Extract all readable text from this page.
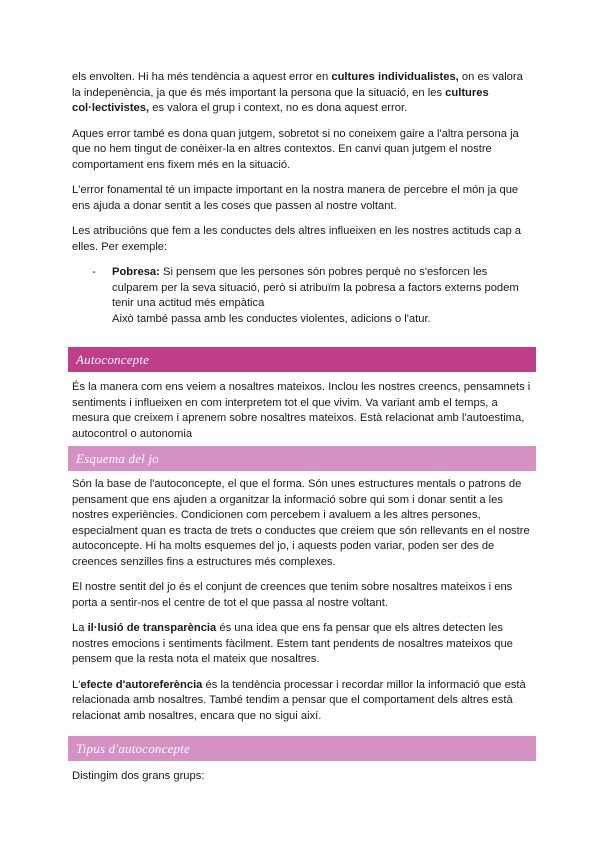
els envolten. Hi ha més tendència a aquest error en cultures individualistes, on es valora la indepenència, ja que és més important la persona que la situació, en les cultures col·lectivistes, es valora el grup i context, no es dona aquest error.

Aques error també es dona quan jutgem, sobretot si no coneixem gaire a l'altra persona ja que no hem tingut de conèixer-la en altres contextos. En canvi quan jutgem el nostre comportament ens fixem més en la situació.

L'error fonamental té un impacte important en la nostra manera de percebre el món ja que ens ajuda a donar sentit a les coses que passen al nostre voltant.

Les atribucións que fem a les conductes dels altres influeixen en les nostres actituds cap a elles. Per exemple:

-	Pobresa: Si pensem que les persones són pobres perquè no s'esforcen les culparem per la seva situació, però si atribuïm la pobresa a factors externs podem tenir una actitud més empàtica
Això també passa amb les conductes violentes, adicions o l'atur.
Autoconcepte

És la manera com ens veiem a nosaltres mateixos. Inclou les nostres creencs, pensamnets i sentiments i influeixen en com interpretem tot el que vivim. Va variant amb el temps, a mesura que creixem i aprenem sobre nosaltres mateixos. Està relacionat amb l'autoestima, autocontrol o autonomia

Esquema del jo

Són la base de l'autoconcepte, el que el forma. Són unes estructures mentals o patrons de pensament que ens ajuden a organitzar la informació sobre qui som i donar sentit a les nostres experiències. Condicionen com percebem i avaluem a les altres persones, especialment quan es tracta de trets o conductes que creiem que són rellevants en el nostre autoconcepte. Hi ha molts esquemes del jo, i aquests poden variar, poden ser des de creences senzilles fins a estructures més complexes.

El nostre sentit del jo és el conjunt de creences que tenim sobre nosaltres mateixos i ens porta a sentir-nos el centre de tot el que passa al nostre voltant.

La il·lusió de transparència és una idea que ens fa pensar que els altres detecten les nostres emocions i sentiments fàcilment. Estem tant pendents de nosaltres mateixos que pensem que la resta nota el mateix que nosaltres.

L'efecte d'autoreferència és la tendència processar i recordar millor la informació que està relacionada amb nosaltres. També tendim a pensar que el comportament dels altres està relacionat amb nosaltres, encara que no sigui així.

Tipus d'autoconcepte

Distingim dos grans grups:
